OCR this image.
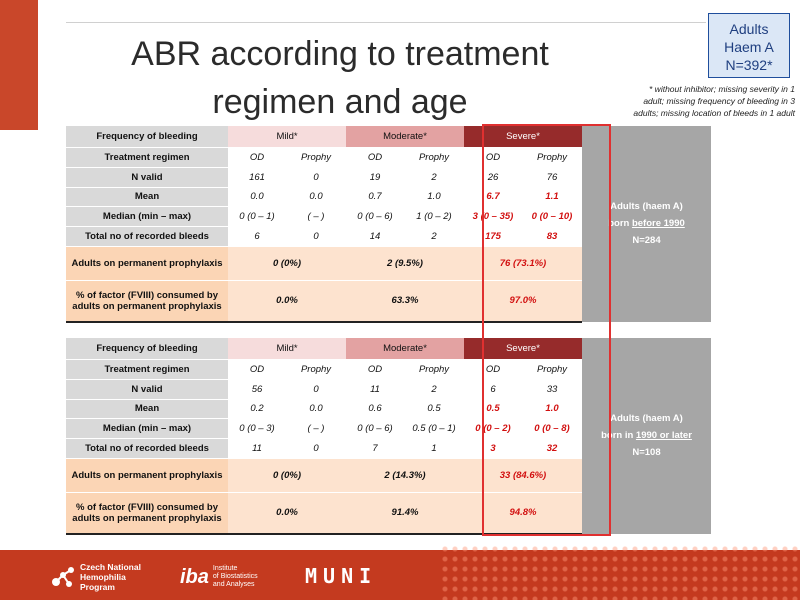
ABR according to treatment
regimen and age
Adults
Haem A
N=392*
* without inhibitor; missing severity in 1
adult; missing frequency of bleeding in 3
adults; missing location of bleeds in 1 adult
Frequency of bleeding	Mild*		Moderate*		Severe*		Adults (haem A)
born before 1990
N=284

Treatment regimen	OD	Prophy	OD	Prophy	OD	Prophy	
N valid	161	0	19	2	26	76	
Mean	0.0	0.0	0.7	1.0	6.7	1.1	
Median (min – max)	0 (0 – 1)	( – )	0 (0 – 6)	1 (0 – 2)	3 (0 – 35)	0 (0 – 10)	
Total no of recorded bleeds	6	0	14	2	175	83	
Adults on permanent prophylaxis	0 (0%)		2 (9.5%)		76 (73.1%)		
% of factor (FVIII) consumed by adults on permanent prophylaxis	0.0%		63.3%		97.0%		
Frequency of bleeding	Mild*		Moderate*		Severe*		Adults (haem A)
born in 1990 or later
N=108

Treatment regimen	OD	Prophy	OD	Prophy	OD	Prophy	
N valid	56	0	11	2	6	33	
Mean	0.2	0.0	0.6	0.5	0.5	1.0	
Median (min – max)	0 (0 – 3)	( – )	0 (0 – 6)	0.5 (0 – 1)	0 (0 – 2)	0 (0 – 8)	
Total no of recorded bleeds	11	0	7	1	3	32	
Adults on permanent prophylaxis	0 (0%)		2 (14.3%)		33 (84.6%)		
% of factor (FVIII) consumed by adults on permanent prophylaxis	0.0%		91.4%		94.8%		
Czech National
Hemophilia
Program	iba Institute
of Biostatistics
and Analyses	MUNI
